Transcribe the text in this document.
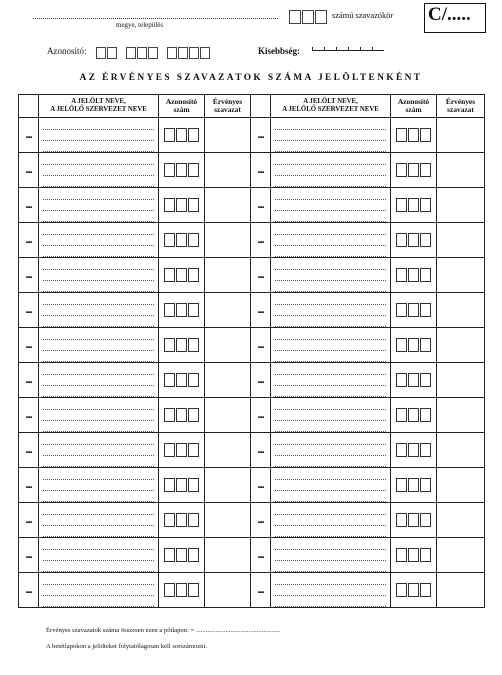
megye, település
számú szavazókör C/.....
Azonosító:
	Kisebbség:
AZ ÉRVÉNYES SZAVAZATOK SZÁMA JELÖLTENKÉNT
	A JELÖLT NEVE,
A JELÖLŐ SZERVEZET NEVE	Azonosító
szám	Érvényes
szavazat		A JELÖLT NEVE,
A JELÖLŐ SZERVEZET NEVE	Azonosító
szám	Érvényes
szavazat
....				....	

....				....	

....				....	

....				....	

....				....	

....				....	

....				....	

....				....	

....				....	

....				....	

....				....	

....				....	

....				....	

....				....	

Érvényes szavazatok száma összesen ezen a pótlapon: = ...................................................
A betétlapokon a jelölteket folytatólagosan kell sorszámozni.
